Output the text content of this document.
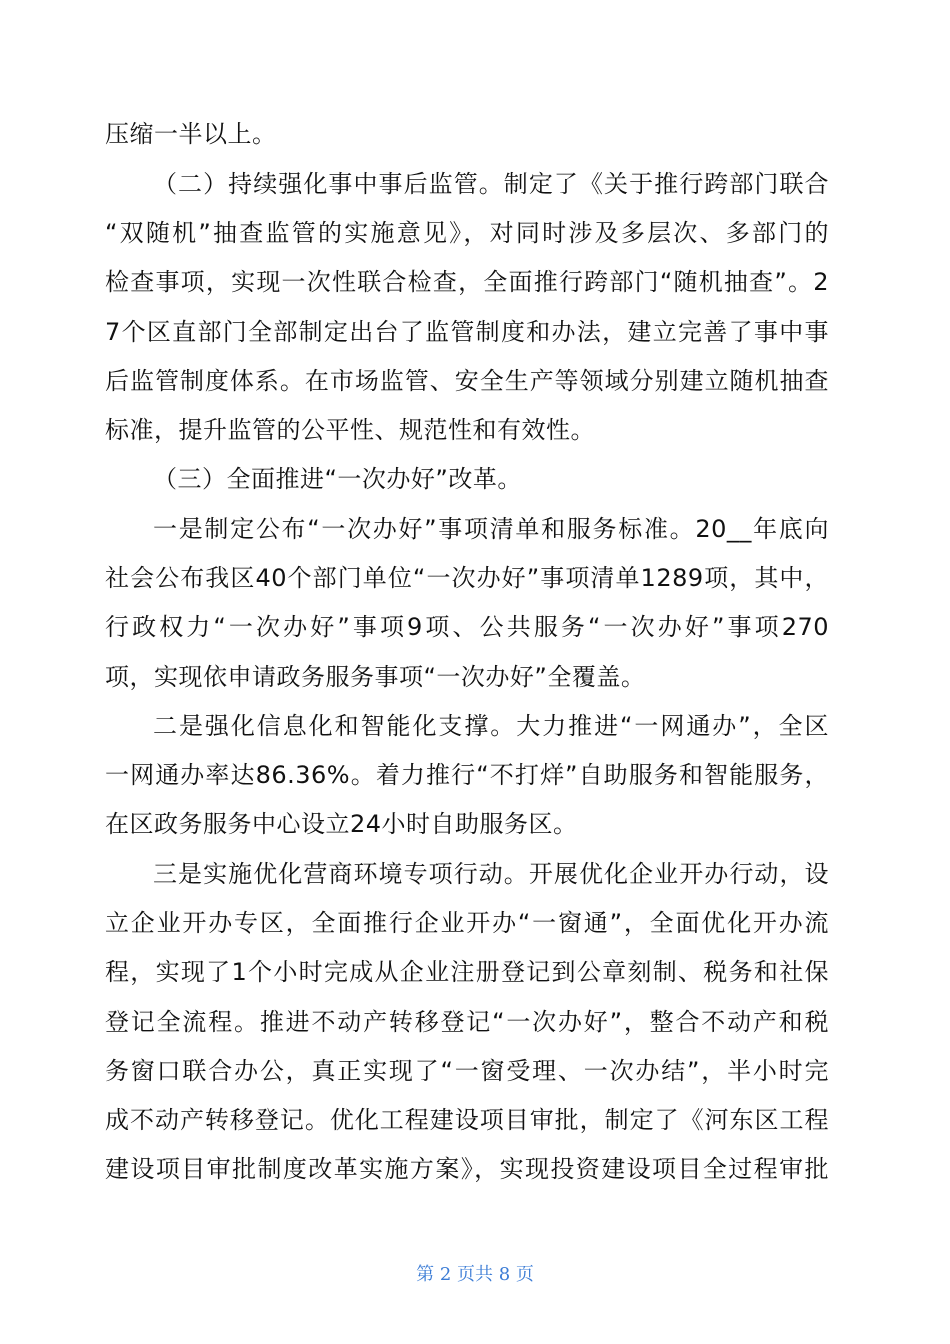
压缩一半以上。
（二）持续强化事中事后监管。制定了《关于推行跨部门联合
“双随机”抽查监管的实施意见》，对同时涉及多层次、多部门的
检查事项，实现一次性联合检查，全面推行跨部门“随机抽查”。2
7个区直部门全部制定出台了监管制度和办法，建立完善了事中事
后监管制度体系。在市场监管、安全生产等领域分别建立随机抽查
标准，提升监管的公平性、规范性和有效性。
（三）全面推进“一次办好”改革。
一是制定公布“一次办好”事项清单和服务标准。20__年底向
社会公布我区40个部门单位“一次办好”事项清单1289项，其中，
行政权力“一次办好”事项9项、公共服务“一次办好”事项270
项，实现依申请政务服务事项“一次办好”全覆盖。
二是强化信息化和智能化支撑。大力推进“一网通办”，全区
一网通办率达86.36%。着力推行“不打烊”自助服务和智能服务，
在区政务服务中心设立24小时自助服务区。
三是实施优化营商环境专项行动。开展优化企业开办行动，设
立企业开办专区，全面推行企业开办“一窗通”，全面优化开办流
程，实现了1个小时完成从企业注册登记到公章刻制、税务和社保
登记全流程。推进不动产转移登记“一次办好”，整合不动产和税
务窗口联合办公，真正实现了“一窗受理、一次办结”，半小时完
成不动产转移登记。优化工程建设项目审批，制定了《河东区工程
建设项目审批制度改革实施方案》，实现投资建设项目全过程审批
第 2 页共 8 页
